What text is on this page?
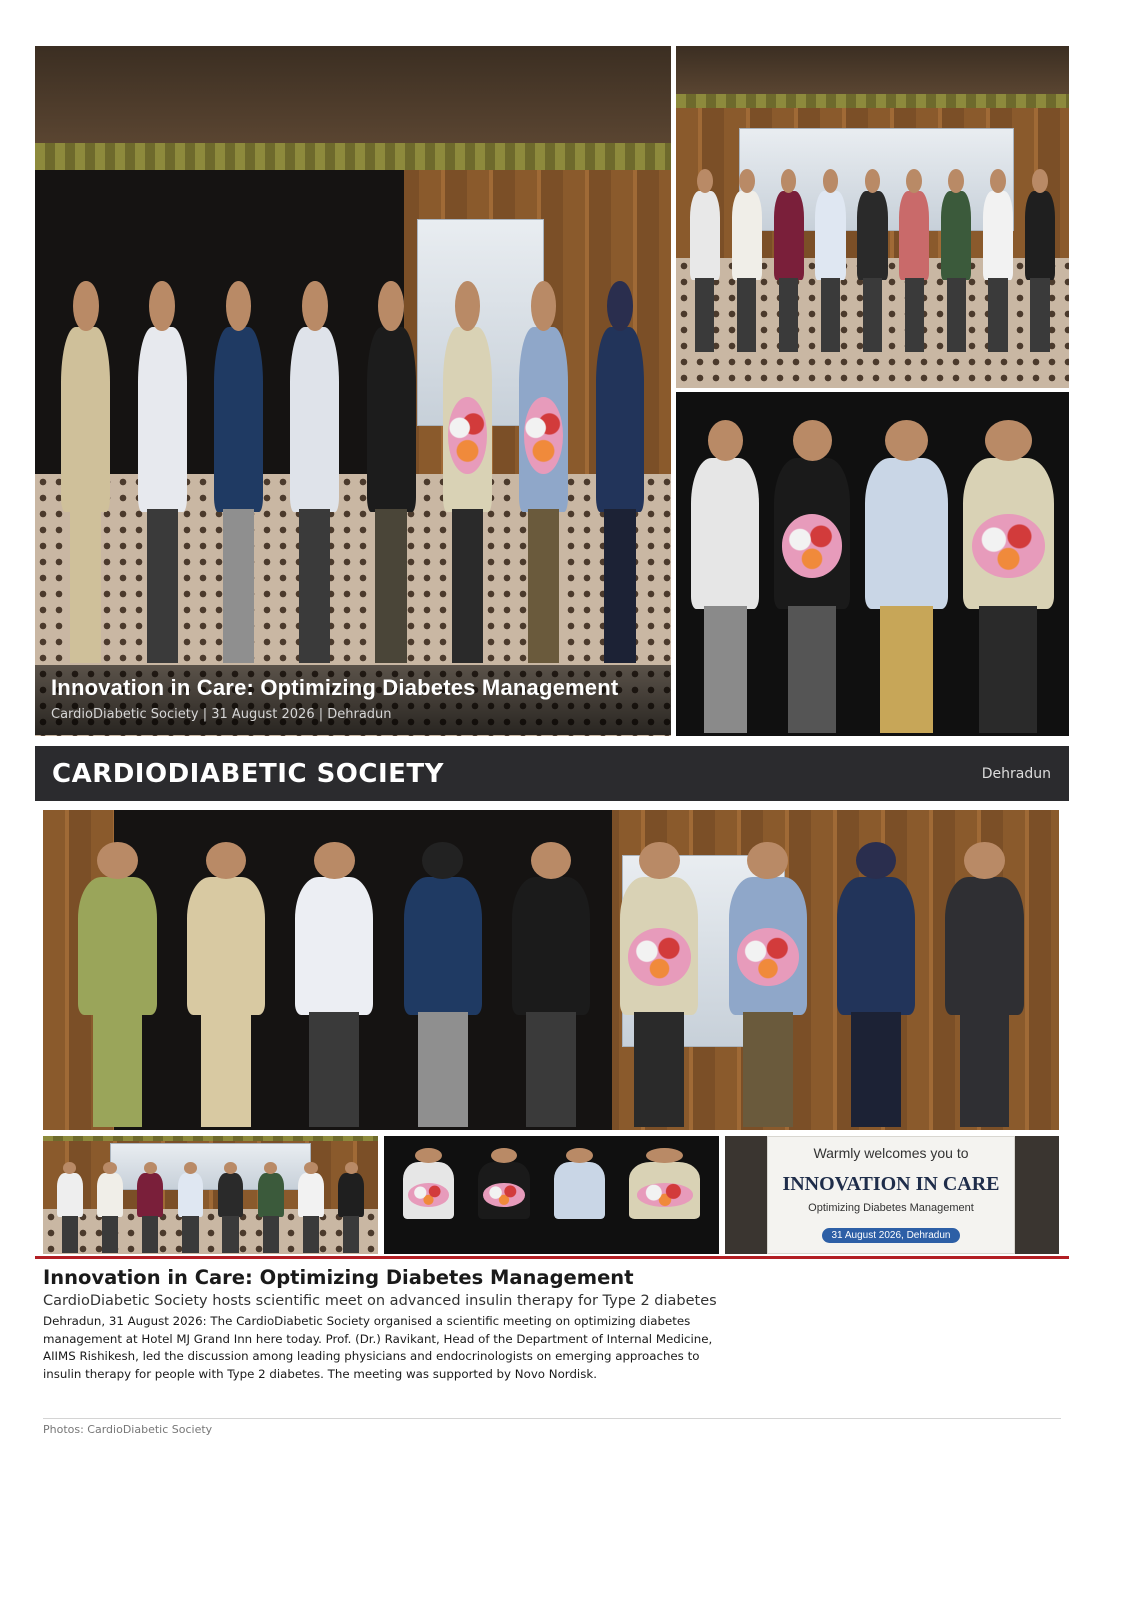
Innovation in Care: Optimizing Diabetes Management
CardioDiabetic Society | 31 August 2026 | Dehradun
CARDIODIABETIC SOCIETY	Dehradun
Warmly welcomes you to
INNOVATION IN CARE
Optimizing Diabetes Management
31 August 2026, Dehradun
Innovation in Care: Optimizing Diabetes Management
CardioDiabetic Society hosts scientific meet on advanced insulin therapy for Type 2 diabetes
Dehradun, 31 August 2026: The CardioDiabetic Society organised a scientific meeting on optimizing diabetes management at Hotel MJ Grand Inn here today. Prof. (Dr.) Ravikant, Head of the Department of Internal Medicine, AIIMS Rishikesh, led the discussion among leading physicians and endocrinologists on emerging approaches to insulin therapy for people with Type 2 diabetes. The meeting was supported by Novo Nordisk.
Photos: CardioDiabetic Society
